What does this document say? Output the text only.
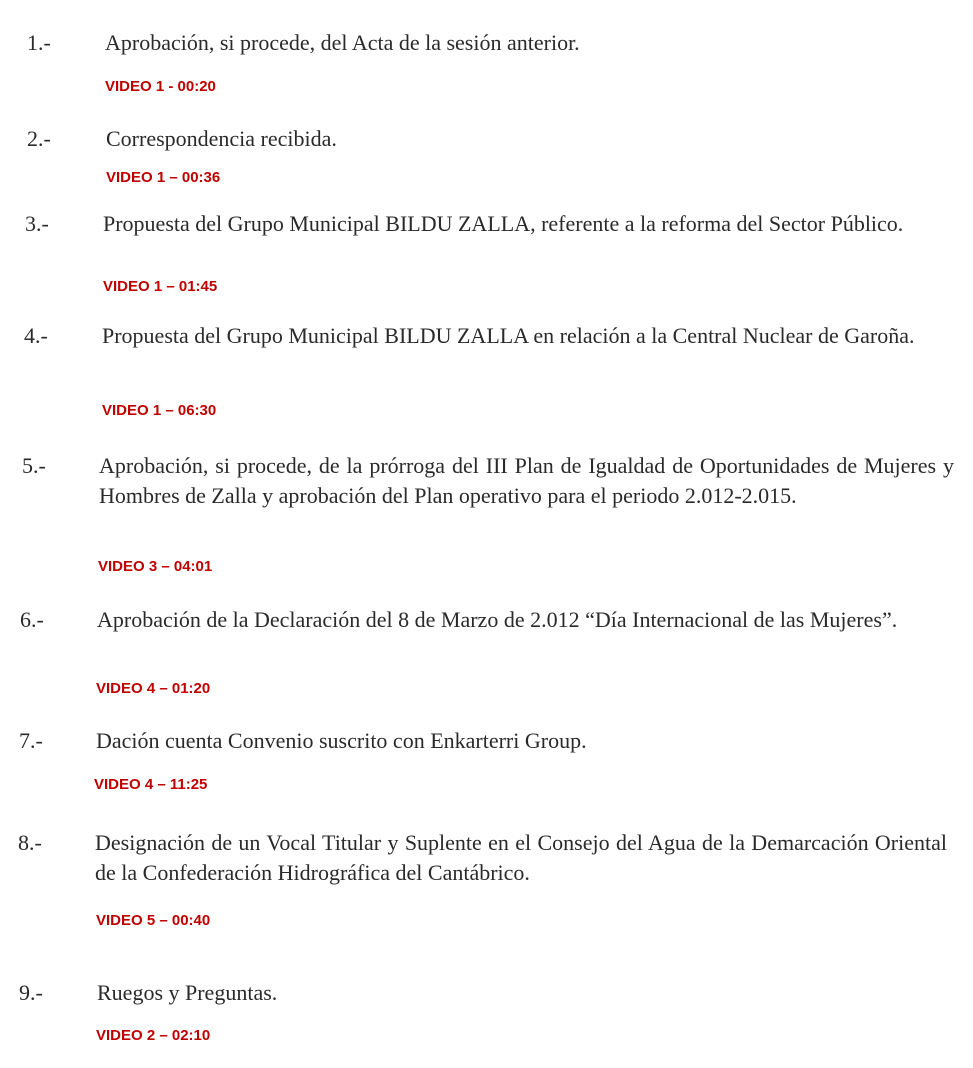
1.- Aprobación, si procede, del Acta de la sesión anterior.
VIDEO 1 - 00:20
2.-	Correspondencia recibida.
VIDEO 1 – 00:36
3.- Propuesta del Grupo Municipal BILDU ZALLA, referente a la reforma del Sector Público.
VIDEO 1 – 01:45
4.- Propuesta del Grupo Municipal BILDU ZALLA en relación a la Central Nuclear de Garoña.
VIDEO 1 – 06:30
5.- Aprobación, si procede, de la prórroga del III Plan de Igualdad de Oportunidades de Mujeres y Hombres de Zalla y aprobación del Plan operativo para el periodo 2.012-2.015.
VIDEO 3 – 04:01
6.- Aprobación de la Declaración del 8 de Marzo de 2.012 “Día Internacional de las Mujeres”.
VIDEO 4 – 01:20
7.- Dación cuenta Convenio suscrito con Enkarterri Group.
VIDEO 4 – 11:25
8.- Designación de un Vocal Titular y Suplente en el Consejo del Agua de la Demarcación Oriental de la Confederación Hidrográfica del Cantábrico.
VIDEO 5 – 00:40
9.- Ruegos y Preguntas.
VIDEO 2 – 02:10
